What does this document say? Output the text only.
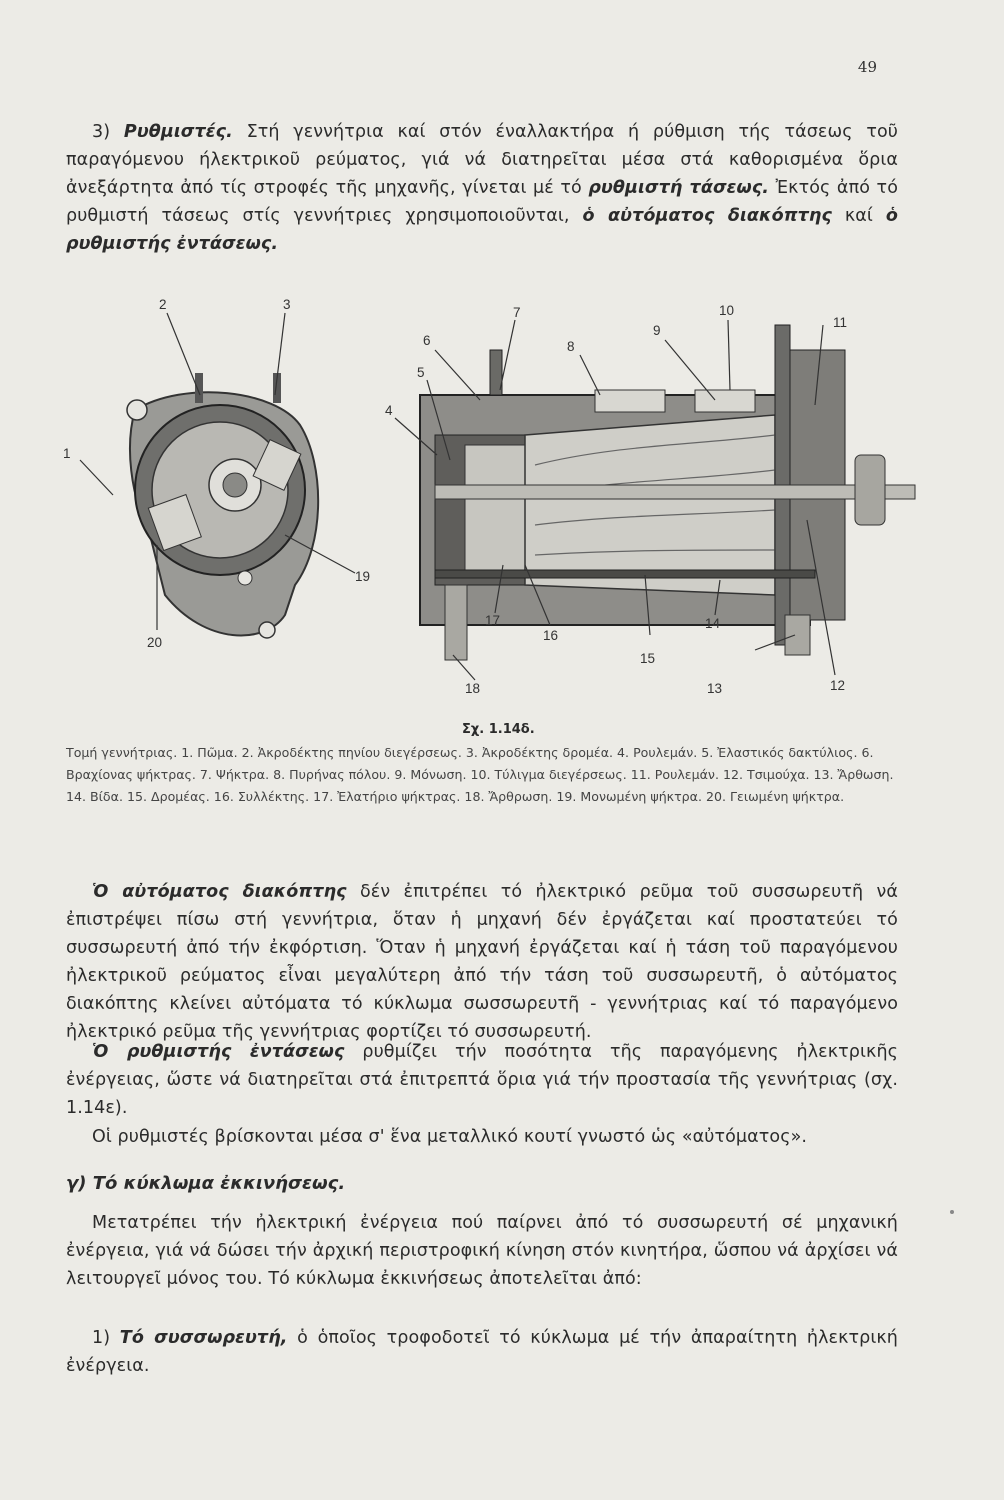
49

3) Ρυθμιστές. Στή γεννήτρια καί στόν έναλλακτήρα ή ρύθμιση τής τάσεως τοῦ παραγόμενου ήλεκτρικοῦ ρεύματος, γιά νά διατηρεῖται μέσα στά καθορισμένα ὅρια ἀνεξάρτητα ἀπό τίς στροφές τῆς μηχανῆς, γίνεται μέ τό ρυθμιστή τάσεως. Ἐκτός ἀπό τό ρυθμιστή τάσεως στίς γεννήτριες χρησιμοποιοῦνται, ὁ αὐτόματος διακόπτης καί ὁ ρυθμιστής ἐντάσεως.

1
2	3
4
5
6
7
8
9
10
11
12
13
14
15
16
17
18
19
20
Σχ. 1.14δ.

Τομή γεννήτριας. 1. Πῶμα. 2. Ἀκροδέκτης πηνίου διεγέρσεως. 3. Ἀκροδέκτης δρομέα. 4. Ρουλεμάν. 5. Ἐλαστικός δακτύλιος. 6. Βραχίονας ψήκτρας. 7. Ψήκτρα. 8. Πυρήνας πόλου. 9. Μόνωση. 10. Τύλιγμα διεγέρσεως. 11. Ρουλεμάν. 12. Τσιμούχα. 13. Ἄρθωση. 14. Βίδα. 15. Δρομέας. 16. Συλλέκτης. 17. Ἐλατήριο ψήκτρας. 18. Ἄρθρωση. 19. Μονωμένη ψήκτρα. 20. Γειωμένη ψήκτρα.

Ὁ αὐτόματος διακόπτης δέν ἐπιτρέπει τό ἠλεκτρικό ρεῦμα τοῦ συσσωρευτῆ νά ἐπιστρέψει πίσω στή γεννήτρια, ὅταν ἡ μηχανή δέν ἐργάζεται καί προστατεύει τό συσσωρευτή ἀπό τήν ἐκφόρτιση. Ὅταν ἡ μηχανή ἐργάζεται καί ἡ τάση τοῦ παραγόμενου ἠλεκτρικοῦ ρεύματος εἶναι μεγαλύτερη ἀπό τήν τάση τοῦ συσσωρευτῆ, ὁ αὐτόματος διακόπτης κλείνει αὐτόματα τό κύκλωμα σωσσωρευτῆ - γεννήτριας καί τό παραγόμενο ἠλεκτρικό ρεῦμα τῆς γεννήτριας φορτίζει τό συσσωρευτή.

Ὁ ρυθμιστής ἐντάσεως ρυθμίζει τήν ποσότητα τῆς παραγόμενης ἠλεκτρικῆς ἐνέργειας, ὥστε νά διατηρεῖται στά ἐπιτρεπτά ὅρια γιά τήν προστασία τῆς γεννήτριας (σχ. 1.14ε).

Οἱ ρυθμιστές βρίσκονται μέσα σ' ἕνα μεταλλικό κουτί γνωστό ὡς «αὐτόματος».

γ) Τό κύκλωμα ἐκκινήσεως.

Μετατρέπει τήν ἠλεκτρική ἐνέργεια πού παίρνει ἀπό τό συσσωρευτή σέ μηχανική ἐνέργεια, γιά νά δώσει τήν ἀρχική περιστροφική κίνηση στόν κινητήρα, ὥσπου νά ἀρχίσει νά λειτουργεῖ μόνος του. Τό κύκλωμα ἐκκινήσεως ἀποτελεῖται ἀπό:

1) Τό συσσωρευτή, ὁ ὁποῖος τροφοδοτεῖ τό κύκλωμα μέ τήν ἀπαραίτητη ἠλεκτρική ἐνέργεια.
